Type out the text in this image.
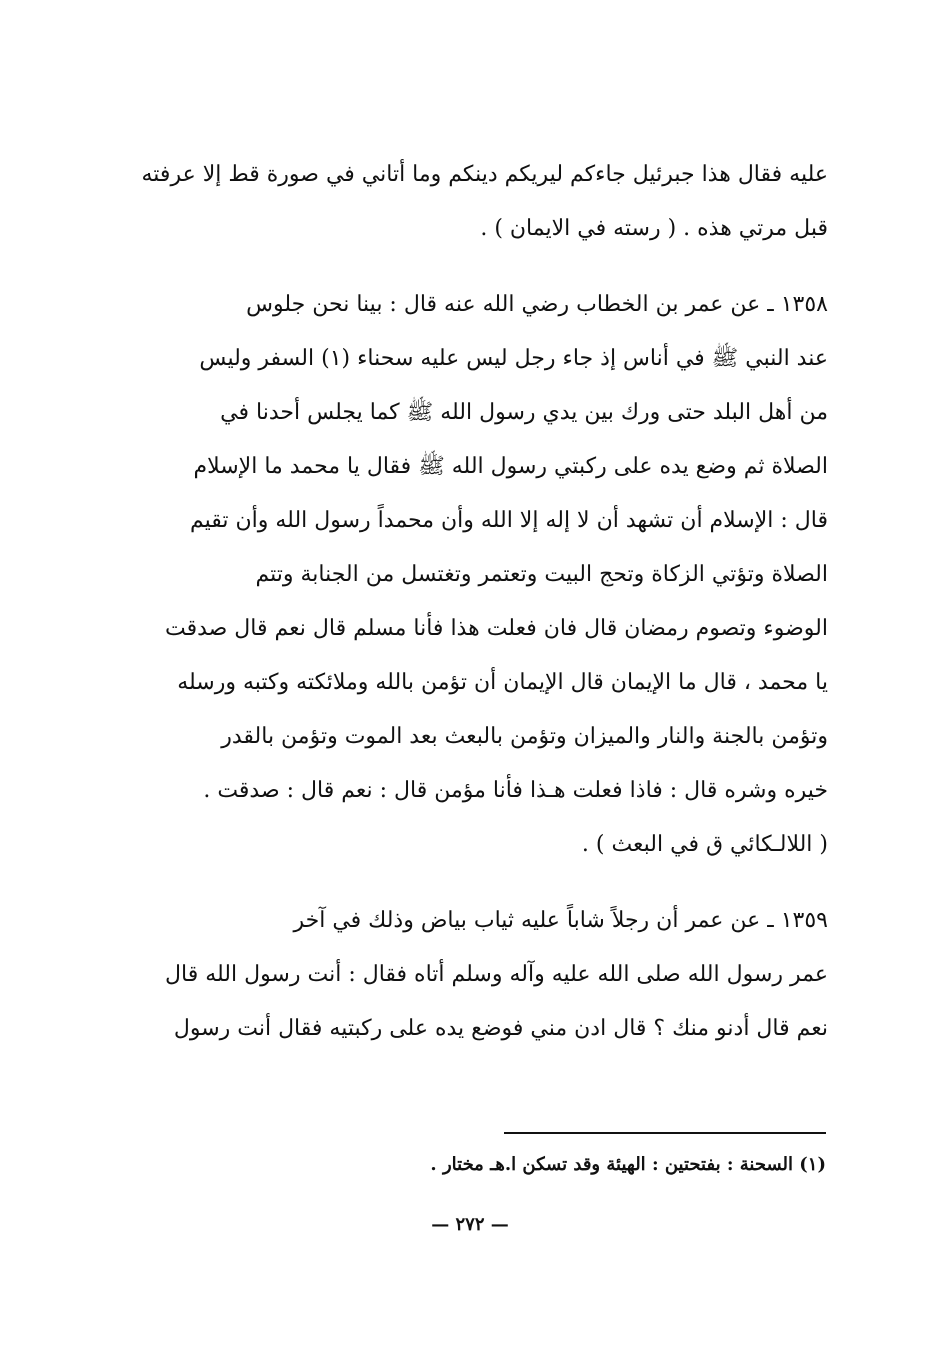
عليه فقال هذا جبرئيل جاءكم ليريكم دينكم وما أتاني في صورة قط إلا عرفته
قبل مرتي هذه . ( رسته في الايمان ) .

١٣٥٨ ـ عن عمر بن الخطاب رضي الله عنه قال : بينا نحن جلوس
عند النبي ﷺ في أناس إذ جاء رجل ليس عليه سحناء (١) السفر وليس
من أهل البلد حتى ورك بين يدي رسول الله ﷺ كما يجلس أحدنا في
الصلاة ثم وضع يده على ركبتي رسول الله ﷺ فقال يا محمد ما الإسلام
قال : الإسلام أن تشهد أن لا إله إلا الله وأن محمداً رسول الله وأن تقيم
الصلاة وتؤتي الزكاة وتحج البيت وتعتمر وتغتسل من الجنابة وتتم
الوضوء وتصوم رمضان قال فان فعلت هذا فأنا مسلم قال نعم قال صدقت
يا محمد ، قال ما الإيمان قال الإيمان أن تؤمن بالله وملائكته وكتبه ورسله
وتؤمن بالجنة والنار والميزان وتؤمن بالبعث بعد الموت وتؤمن بالقدر
خيره وشره قال : فاذا فعلت هـذا فأنا مؤمن قال : نعم قال : صدقت .
( اللالـكائي ق في البعث ) .

١٣٥٩ ـ عن عمر أن رجلاً شاباً عليه ثياب بياض وذلك في آخر
عمر رسول الله صلى الله عليه وآله وسلم أتاه فقال : أنت رسول الله قال
نعم قال أدنو منك ؟ قال ادن مني فوضع يده على ركبتيه فقال أنت رسول

(١) السحنة : بفتحتين : الهيئة وقد تسكن ا.هـ مختار .
— ٢٧٢ —
